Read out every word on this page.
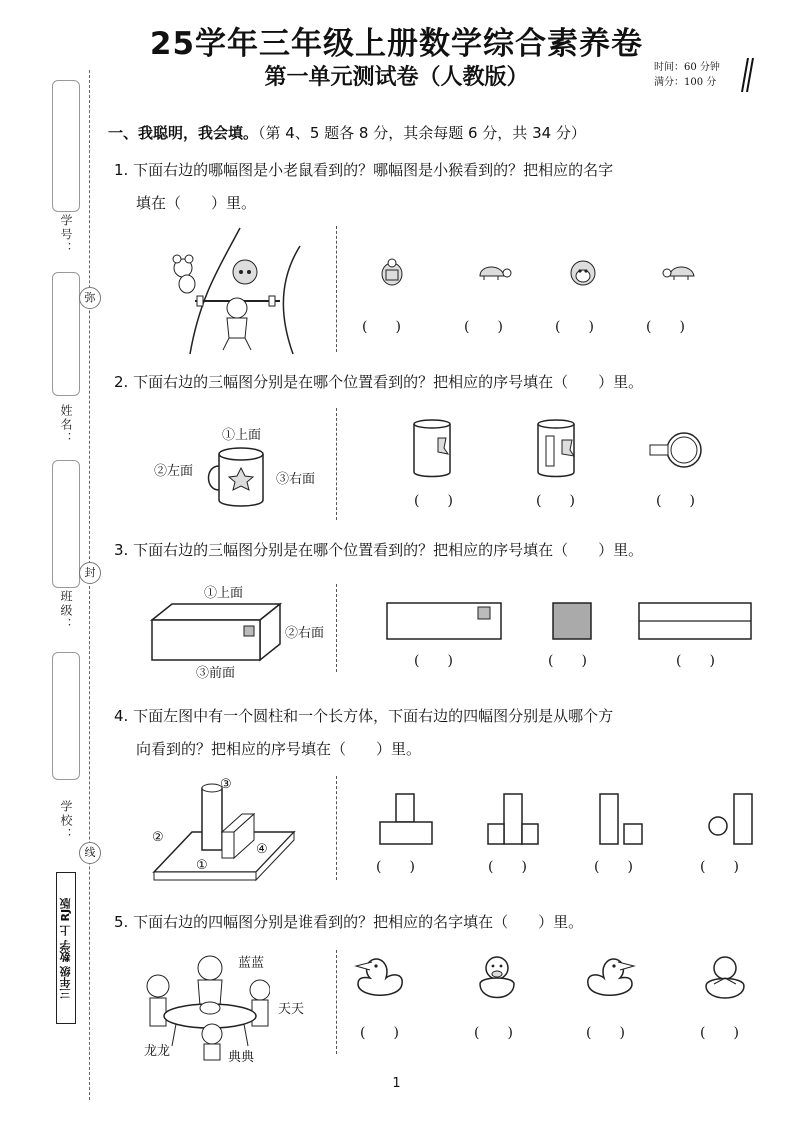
25学年三年级上册数学综合素养卷
第一单元测试卷（人教版）	时间：60 分钟
满分：100 分
学号：
姓名：
班级：
学校：
弥
封
线
三年级 数学 上 RJ版
一、我聪明，我会填。（第 4、5 题各 8 分，其余每题 6 分，共 34 分）
1. 下面右边的哪幅图是小老鼠看到的？哪幅图是小猴看到的？把相应的名字
填在（　　）里。
(　　)	(　　)	(　　)	(　　)
2. 下面右边的三幅图分别是在哪个位置看到的？把相应的序号填在（　　）里。
①上面
②左面
③右面
(　　)	(　　)	(　　)
3. 下面右边的三幅图分别是在哪个位置看到的？把相应的序号填在（　　）里。
①上面
②右面
③前面
(　　)	(　　)	(　　)
4. 下面左图中有一个圆柱和一个长方体，下面右边的四幅图分别是从哪个方
向看到的？把相应的序号填在（　　）里。
③
②
①
④
(　　)	(　　)	(　　)	(　　)
5. 下面右边的四幅图分别是谁看到的？把相应的名字填在（　　）里。
蓝蓝
天天
龙龙	典典
(　　)	(　　)	(　　)	(　　)
1
